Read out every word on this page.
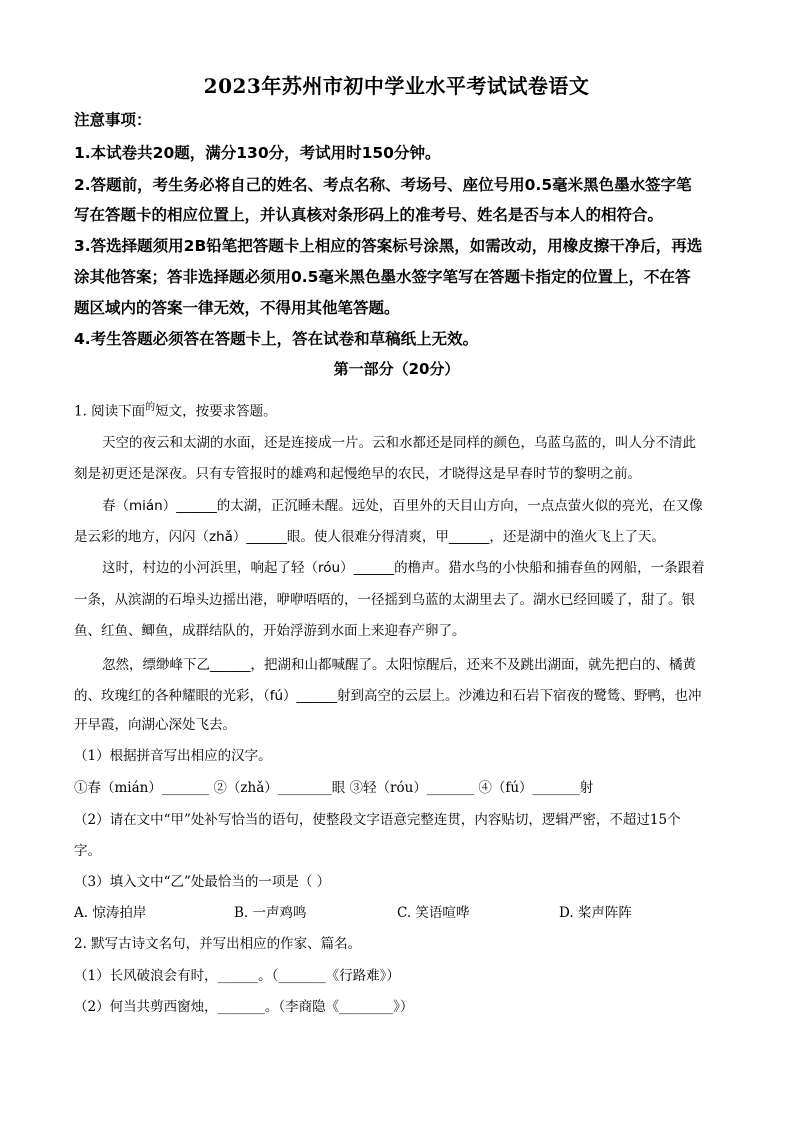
2023年苏州市初中学业水平考试试卷语文
注意事项：
1.本试卷共20题，满分130分，考试用时150分钟。
2.答题前，考生务必将自己的姓名、考点名称、考场号、座位号用0.5毫米黑色墨水签字笔
写在答题卡的相应位置上，并认真核对条形码上的准考号、姓名是否与本人的相符合。
3.答选择题须用2B铅笔把答题卡上相应的答案标号涂黑，如需改动，用橡皮擦干净后，再选
涂其他答案；答非选择题必须用0.5毫米黑色墨水签字笔写在答题卡指定的位置上，不在答
题区域内的答案一律无效，不得用其他笔答题。
4.考生答题必须答在答题卡上，答在试卷和草稿纸上无效。
第一部分（20分）
1. 阅读下面$^的$短文，按要求答题。
天空的夜云和太湖的水面，还是连接成一片。云和水都还是同样的颜色，乌蓝乌蓝的，叫人分不清此
刻是初更还是深夜。只有专管报时的雄鸡和起慢绝早的农民，才晓得这是早春时节的黎明之前。
春（mián）______的太湖，正沉睡未醒。远处，百里外的天目山方向，一点点萤火似的亮光，在又像
是云彩的地方，闪闪（zhǎ）______眼。使人很难分得清爽，甲______，还是湖中的渔火飞上了天。
这时，村边的小河浜里，响起了轻（róu）______的橹声。猎水鸟的小快船和捕春鱼的网船，一条跟着
一条，从滨湖的石埠头边摇出港，咿咿唔唔的，一径摇到乌蓝的太湖里去了。湖水已经回暖了，甜了。银
鱼、红鱼、鲫鱼，成群结队的，开始浮游到水面上来迎春产卵了。
忽然，缥缈峰下乙______，把湖和山都喊醒了。太阳惊醒后，还来不及跳出湖面，就先把白的、橘黄
的、玫瑰红的各种耀眼的光彩，（fú）______射到高空的云层上。沙滩边和石岩下宿夜的鹭鸶、野鸭，也冲
开早霞，向湖心深处飞去。
（1）根据拼音写出相应的汉字。
①春（mián）_______ ②（zhǎ）________眼 ③轻（róu）_______ ④（fú）_______射
（2）请在文中“甲”处补写恰当的语句，使整段文字语意完整连贯，内容贴切，逻辑严密，不超过15个
字。
（3）填入文中“乙”处最恰当的一项是（ ）
A. 惊涛拍岸	B. 一声鸡鸣	C. 笑语喧哗	D. 桨声阵阵
2. 默写古诗文名句，并写出相应的作家、篇名。
（1）长风破浪会有时，______。（_______《行路难》）
（2）何当共剪西窗烛，_______。（李商隐《________》）
